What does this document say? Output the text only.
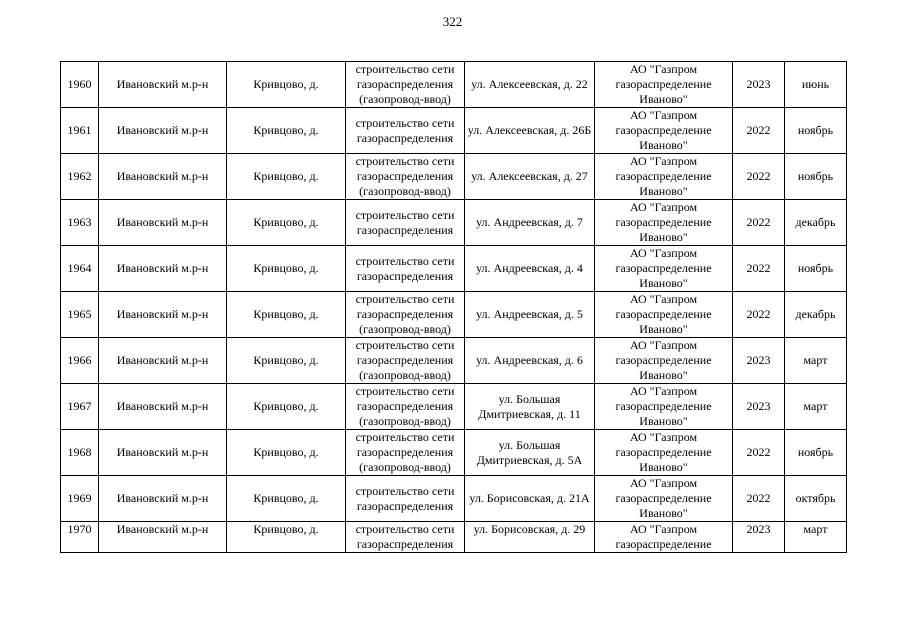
322
1960	Ивановский м.р-н	Кривцово, д.	строительство сети газораспределения (газопровод-ввод)	ул. Алексеевская, д. 22	АО "Газпром газораспределение Иваново"	2023	июнь
1961	Ивановский м.р-н	Кривцово, д.	строительство сети газораспределения	ул. Алексеевская, д. 26Б	АО "Газпром газораспределение Иваново"	2022	ноябрь
1962	Ивановский м.р-н	Кривцово, д.	строительство сети газораспределения (газопровод-ввод)	ул. Алексеевская, д. 27	АО "Газпром газораспределение Иваново"	2022	ноябрь
1963	Ивановский м.р-н	Кривцово, д.	строительство сети газораспределения	ул. Андреевская, д. 7	АО "Газпром газораспределение Иваново"	2022	декабрь
1964	Ивановский м.р-н	Кривцово, д.	строительство сети газораспределения	ул. Андреевская, д. 4	АО "Газпром газораспределение Иваново"	2022	ноябрь
1965	Ивановский м.р-н	Кривцово, д.	строительство сети газораспределения (газопровод-ввод)	ул. Андреевская, д. 5	АО "Газпром газораспределение Иваново"	2022	декабрь
1966	Ивановский м.р-н	Кривцово, д.	строительство сети газораспределения (газопровод-ввод)	ул. Андреевская, д. 6	АО "Газпром газораспределение Иваново"	2023	март
1967	Ивановский м.р-н	Кривцово, д.	строительство сети газораспределения (газопровод-ввод)	ул. Большая Дмитриевская, д. 11	АО "Газпром газораспределение Иваново"	2023	март
1968	Ивановский м.р-н	Кривцово, д.	строительство сети газораспределения (газопровод-ввод)	ул. Большая Дмитриевская, д. 5А	АО "Газпром газораспределение Иваново"	2022	ноябрь
1969	Ивановский м.р-н	Кривцово, д.	строительство сети газораспределения	ул. Борисовская, д. 21А	АО "Газпром газораспределение Иваново"	2022	октябрь
1970	Ивановский м.р-н	Кривцово, д.	строительство сети газораспределения	ул. Борисовская, д. 29	АО "Газпром газораспределение	2023	март
